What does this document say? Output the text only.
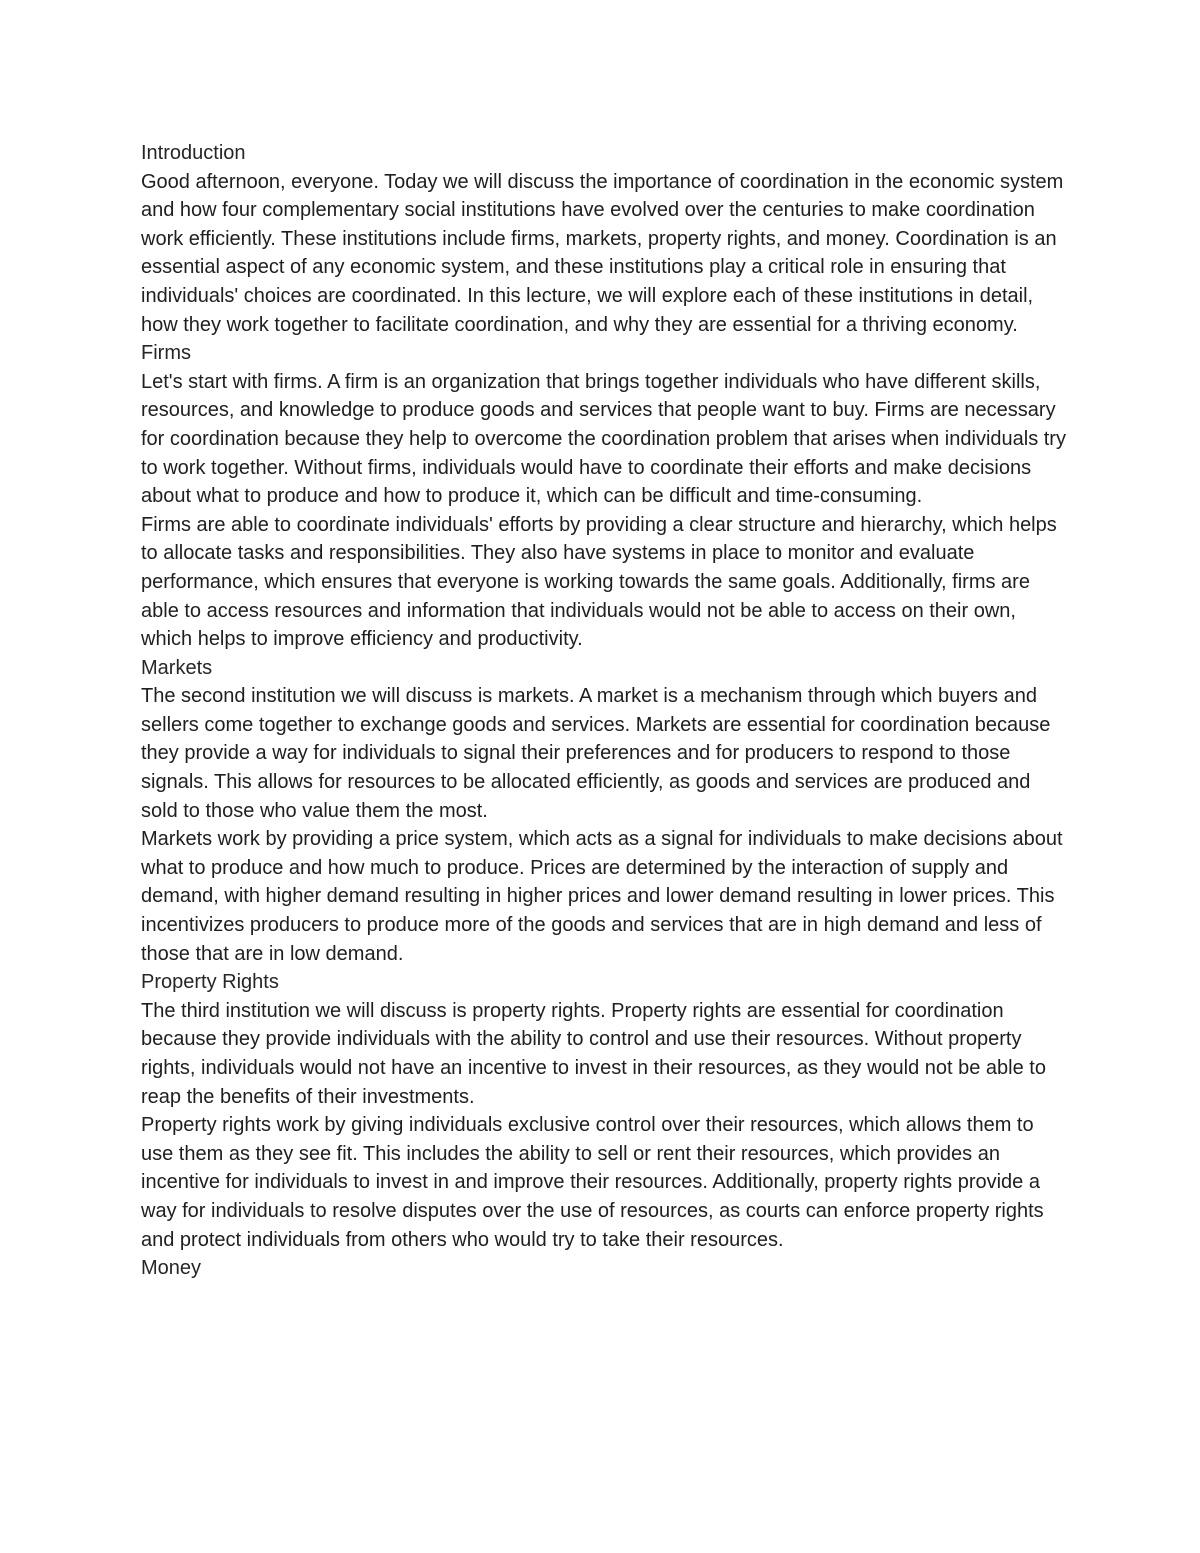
Introduction

Good afternoon, everyone. Today we will discuss the importance of coordination in the economic system and how four complementary social institutions have evolved over the centuries to make coordination work efficiently. These institutions include firms, markets, property rights, and money. Coordination is an essential aspect of any economic system, and these institutions play a critical role in ensuring that individuals' choices are coordinated. In this lecture, we will explore each of these institutions in detail, how they work together to facilitate coordination, and why they are essential for a thriving economy.

Firms

Let's start with firms. A firm is an organization that brings together individuals who have different skills, resources, and knowledge to produce goods and services that people want to buy. Firms are necessary for coordination because they help to overcome the coordination problem that arises when individuals try to work together. Without firms, individuals would have to coordinate their efforts and make decisions about what to produce and how to produce it, which can be difficult and time-consuming.

Firms are able to coordinate individuals' efforts by providing a clear structure and hierarchy, which helps to allocate tasks and responsibilities. They also have systems in place to monitor and evaluate performance, which ensures that everyone is working towards the same goals. Additionally, firms are able to access resources and information that individuals would not be able to access on their own, which helps to improve efficiency and productivity.

Markets

The second institution we will discuss is markets. A market is a mechanism through which buyers and sellers come together to exchange goods and services. Markets are essential for coordination because they provide a way for individuals to signal their preferences and for producers to respond to those signals. This allows for resources to be allocated efficiently, as goods and services are produced and sold to those who value them the most.

Markets work by providing a price system, which acts as a signal for individuals to make decisions about what to produce and how much to produce. Prices are determined by the interaction of supply and demand, with higher demand resulting in higher prices and lower demand resulting in lower prices. This incentivizes producers to produce more of the goods and services that are in high demand and less of those that are in low demand.

Property Rights

The third institution we will discuss is property rights. Property rights are essential for coordination because they provide individuals with the ability to control and use their resources. Without property rights, individuals would not have an incentive to invest in their resources, as they would not be able to reap the benefits of their investments.

Property rights work by giving individuals exclusive control over their resources, which allows them to use them as they see fit. This includes the ability to sell or rent their resources, which provides an incentive for individuals to invest in and improve their resources. Additionally, property rights provide a way for individuals to resolve disputes over the use of resources, as courts can enforce property rights and protect individuals from others who would try to take their resources.

Money
